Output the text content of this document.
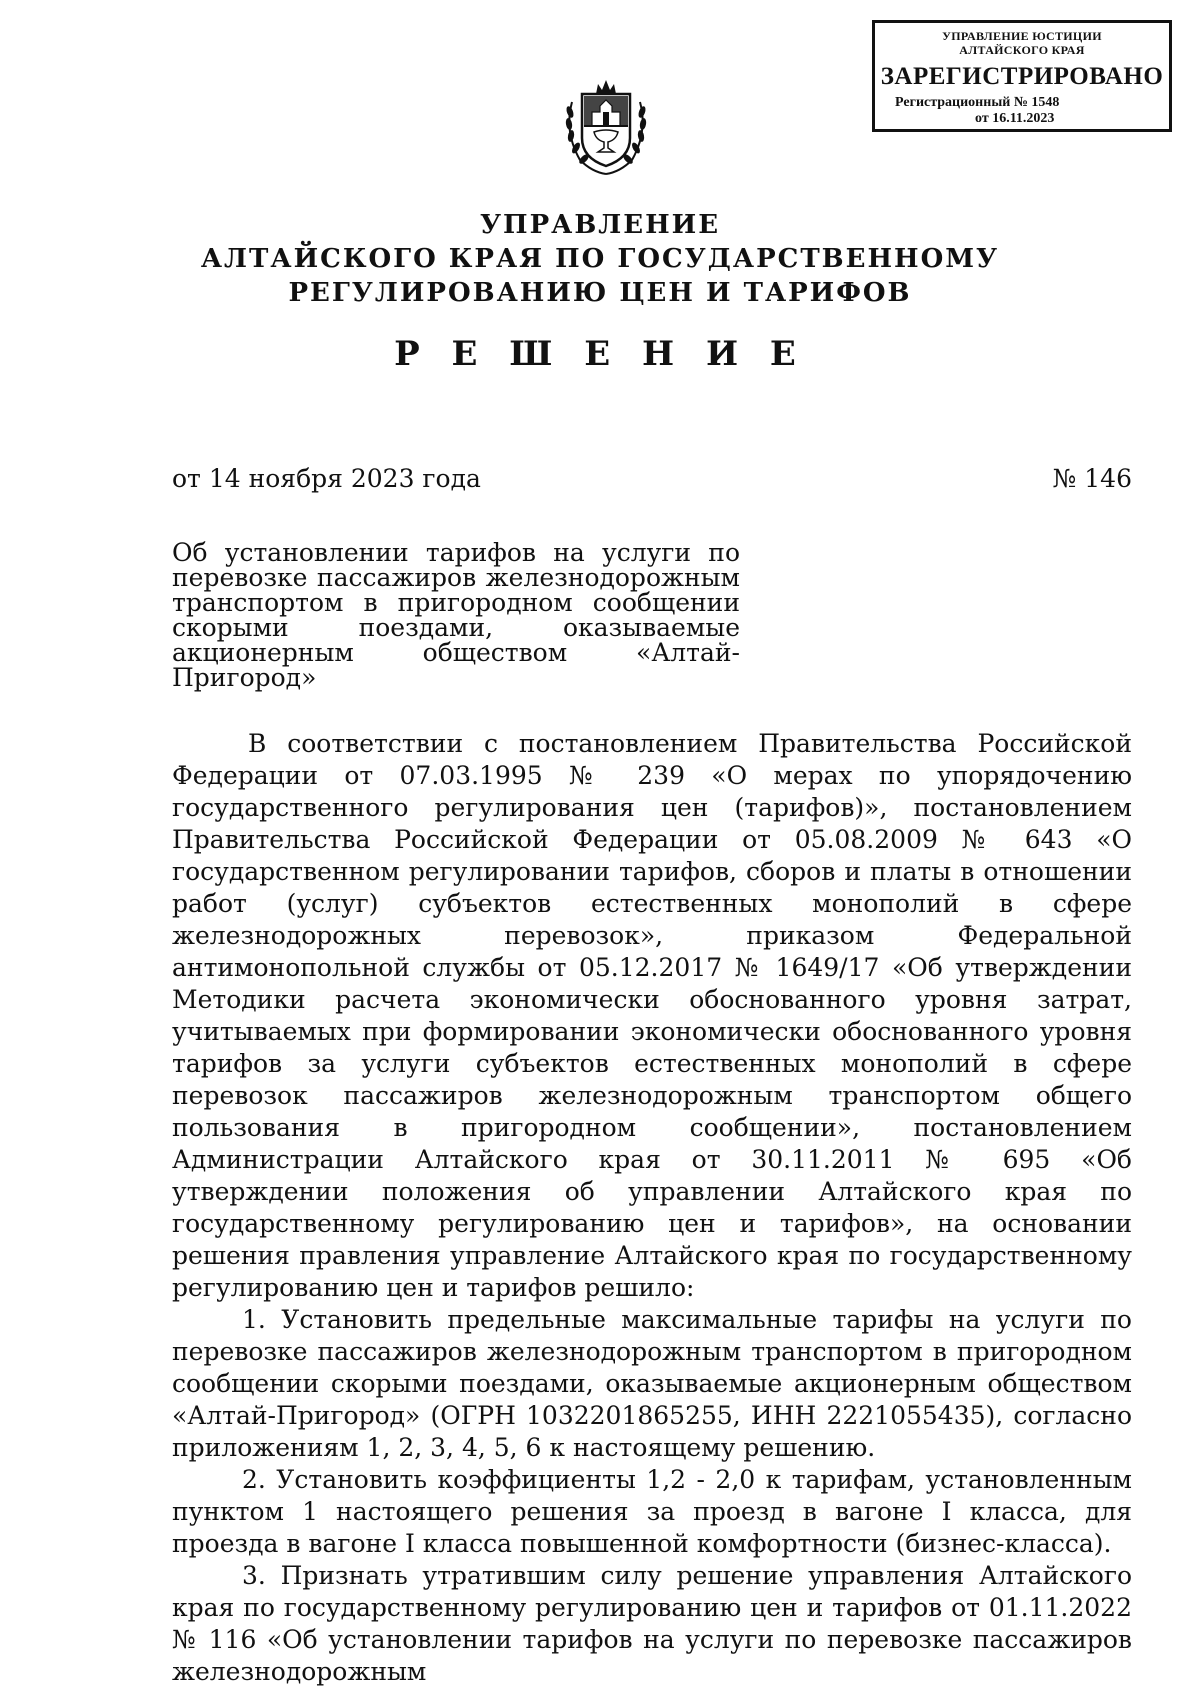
УПРАВЛЕНИЕ ЮСТИЦИИ
АЛТАЙСКОГО КРАЯ
ЗАРЕГИСТРИРОВАНО
Регистрационный № 1548
от 16.11.2023
УПРАВЛЕНИЕ
АЛТАЙСКОГО КРАЯ ПО ГОСУДАРСТВЕННОМУ
РЕГУЛИРОВАНИЮ ЦЕН И ТАРИФОВ
Р Е Ш Е Н И Е
от 14 ноября 2023 года	№ 146
Об установлении тарифов на услуги по
перевозке пассажиров железнодорожным
транспортом в пригородном сообщении
скорыми поездами, оказываемые
акционерным обществом «Алтай-Пригород»

В соответствии с постановлением Правительства Российской Федерации от 07.03.1995 № 239 «О мерах по упорядочению государственного регулирования цен (тарифов)», постановлением Правительства Российской Федерации от 05.08.2009 № 643 «О государственном регулировании тарифов, сборов и платы в отношении работ (услуг) субъектов естественных монополий в сфере железнодорожных перевозок», приказом Федеральной антимонопольной службы от 05.12.2017 № 1649/17 «Об утверждении Методики расчета экономически обоснованного уровня затрат, учитываемых при формировании экономически обоснованного уровня тарифов за услуги субъектов естественных монополий в сфере перевозок пассажиров железнодорожным транспортом общего пользования в пригородном сообщении», постановлением Администрации Алтайского края от 30.11.2011 № 695 «Об утверждении положения об управлении Алтайского края по государственному регулированию цен и тарифов», на основании решения правления управление Алтайского края по государственному регулированию цен и тарифов решило:

1. Установить предельные максимальные тарифы на услуги по перевозке пассажиров железнодорожным транспортом в пригородном сообщении скорыми поездами, оказываемые акционерным обществом «Алтай-Пригород» (ОГРН 1032201865255, ИНН 2221055435), согласно приложениям 1, 2, 3, 4, 5, 6 к настоящему решению.

2. Установить коэффициенты 1,2 - 2,0 к тарифам, установленным пунктом 1 настоящего решения за проезд в вагоне I класса, для проезда в вагоне I класса повышенной комфортности (бизнес-класса).

3. Признать утратившим силу решение управления Алтайского края по государственному регулированию цен и тарифов от 01.11.2022 № 116 «Об установлении тарифов на услуги по перевозке пассажиров железнодорожным
